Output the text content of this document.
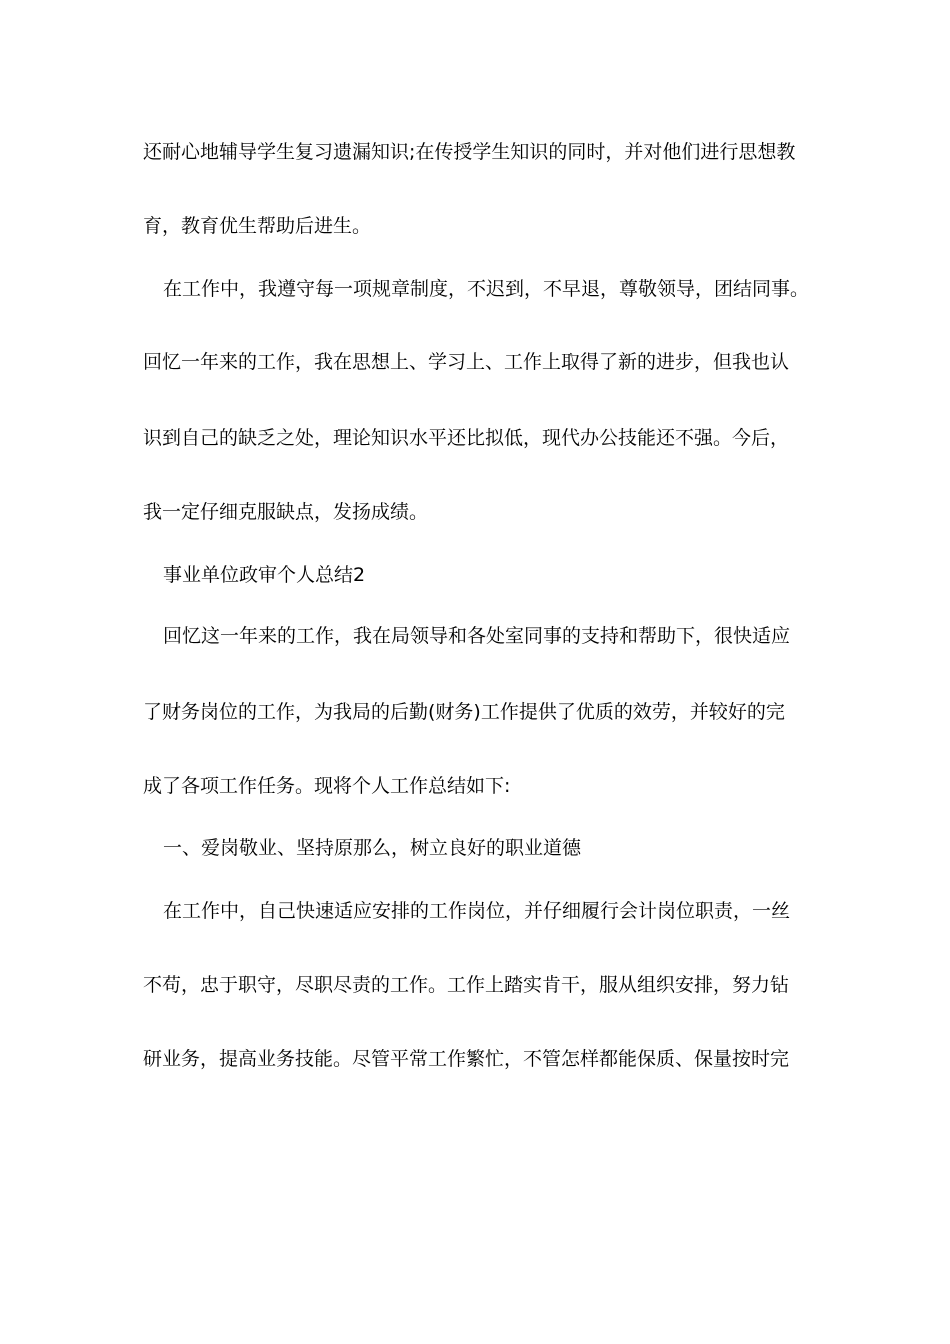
还耐心地辅导学生复习遗漏知识;在传授学生知识的同时，并对他们进行思想教
育，教育优生帮助后进生。
在工作中，我遵守每一项规章制度，不迟到，不早退，尊敬领导，团结同事。
回忆一年来的工作，我在思想上、学习上、工作上取得了新的进步，但我也认
识到自己的缺乏之处，理论知识水平还比拟低，现代办公技能还不强。今后，
我一定仔细克服缺点，发扬成绩。
事业单位政审个人总结2
回忆这一年来的工作，我在局领导和各处室同事的支持和帮助下，很快适应
了财务岗位的工作，为我局的后勤(财务)工作提供了优质的效劳，并较好的完
成了各项工作任务。现将个人工作总结如下:
一、爱岗敬业、坚持原那么，树立良好的职业道德
在工作中，自己快速适应安排的工作岗位，并仔细履行会计岗位职责，一丝
不苟，忠于职守，尽职尽责的工作。工作上踏实肯干，服从组织安排，努力钻
研业务，提高业务技能。尽管平常工作繁忙，不管怎样都能保质、保量按时完
